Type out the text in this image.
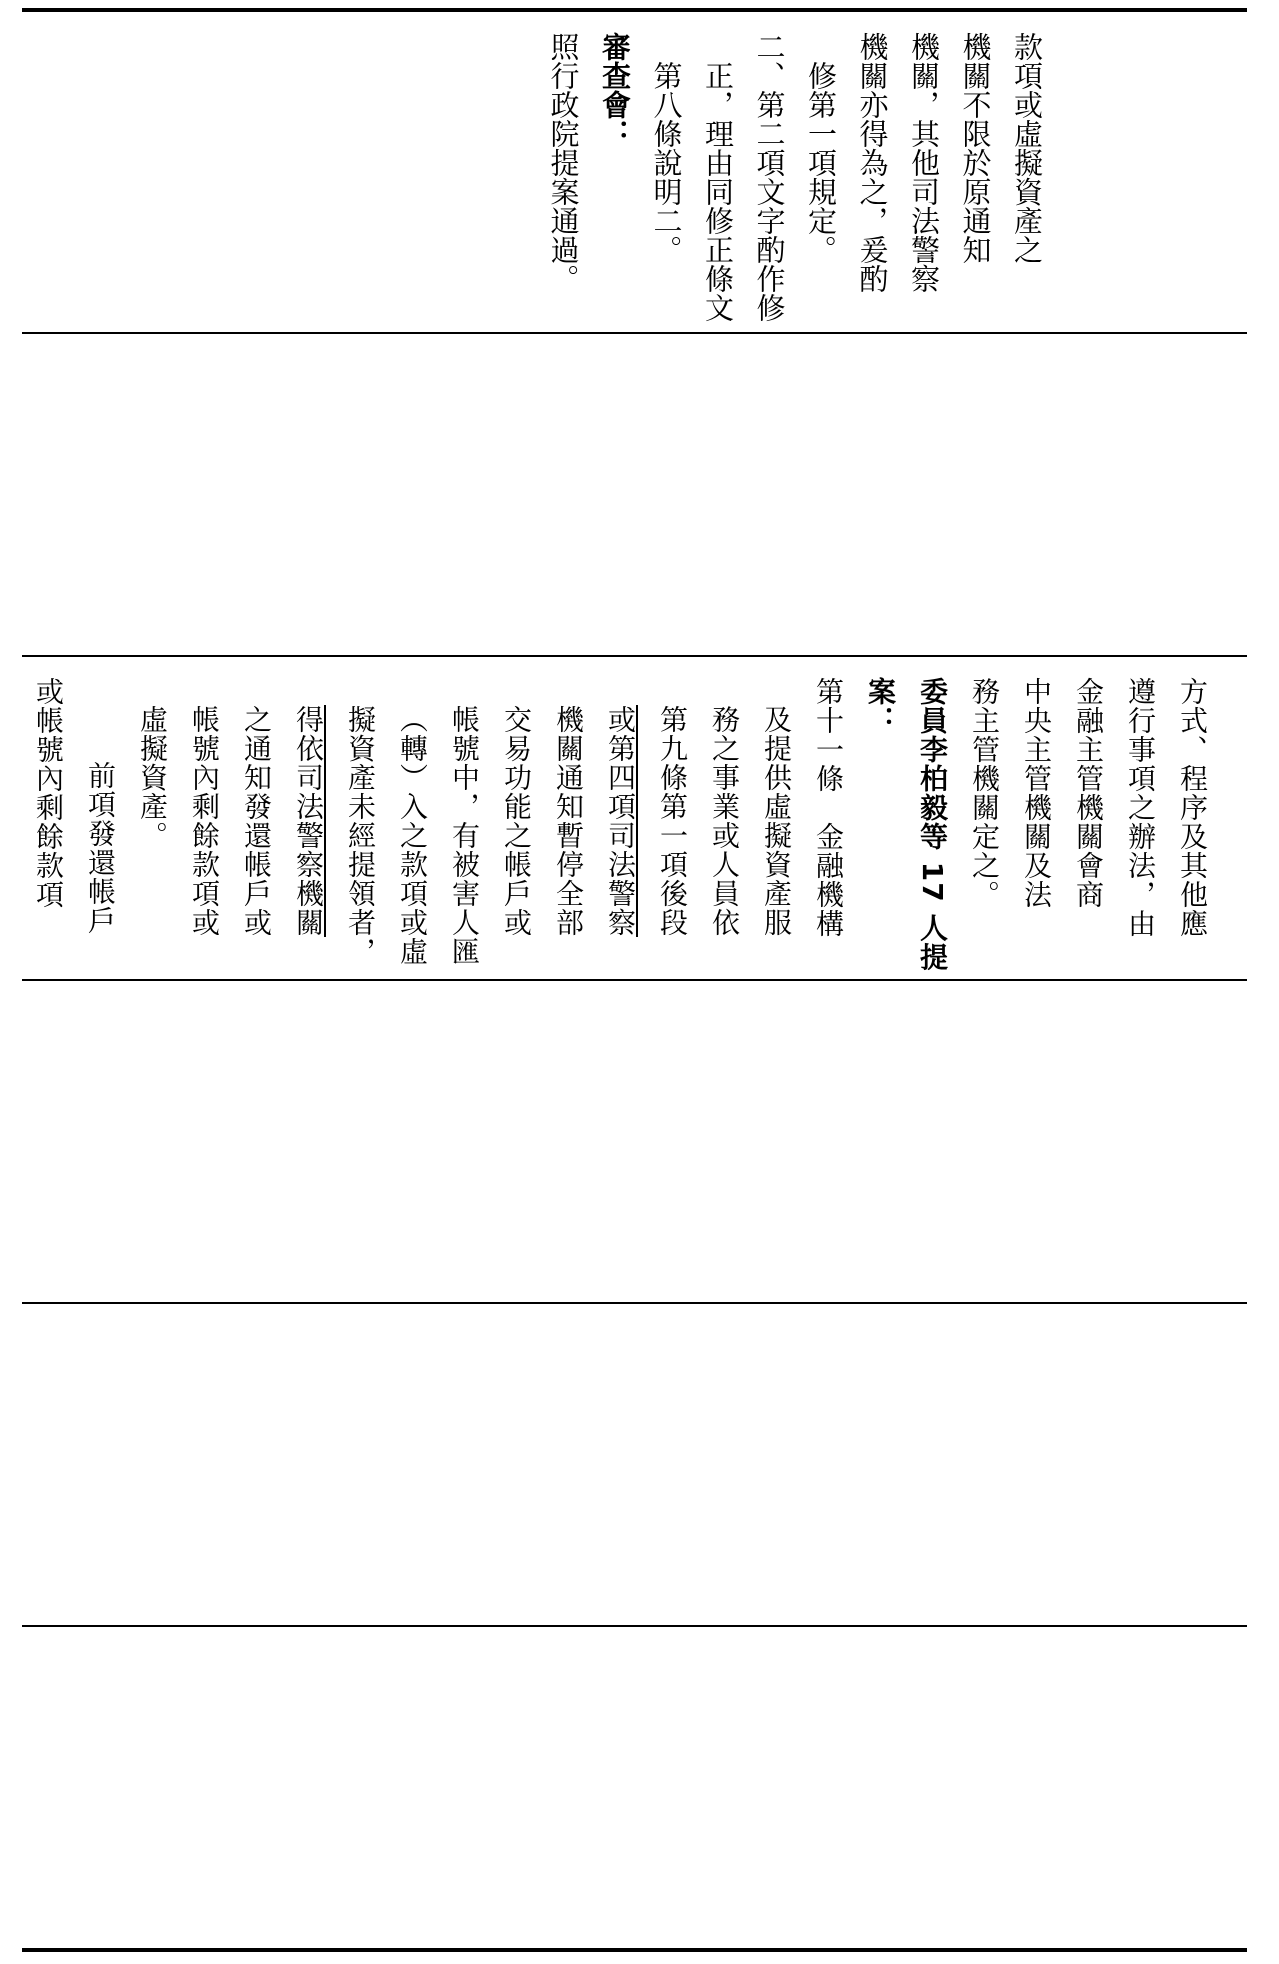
款項或虛擬資產之
機關不限於原通知
機關，其他司法警察
機關亦得為之，爰酌
修第一項規定。
二、第二項文字酌作修
正，理由同修正條文
第八條說明二。
審查會：
照行政院提案通過。
方式、程序及其他應
遵行事項之辦法，由
金融主管機關會商
中央主管機關及法
務主管機關定之。
委員李柏毅等 17 人提
案：
第十一條　金融機構
及提供虛擬資產服
務之事業或人員依
第九條第一項後段
或第四項司法警察
機關通知暫停全部
交易功能之帳戶或
帳號中，有被害人匯
（轉）入之款項或虛
擬資產未經提領者，
得依司法警察機關
之通知發還帳戶或
帳號內剩餘款項或
虛擬資產。
前項發還帳戶
或帳號內剩餘款項
